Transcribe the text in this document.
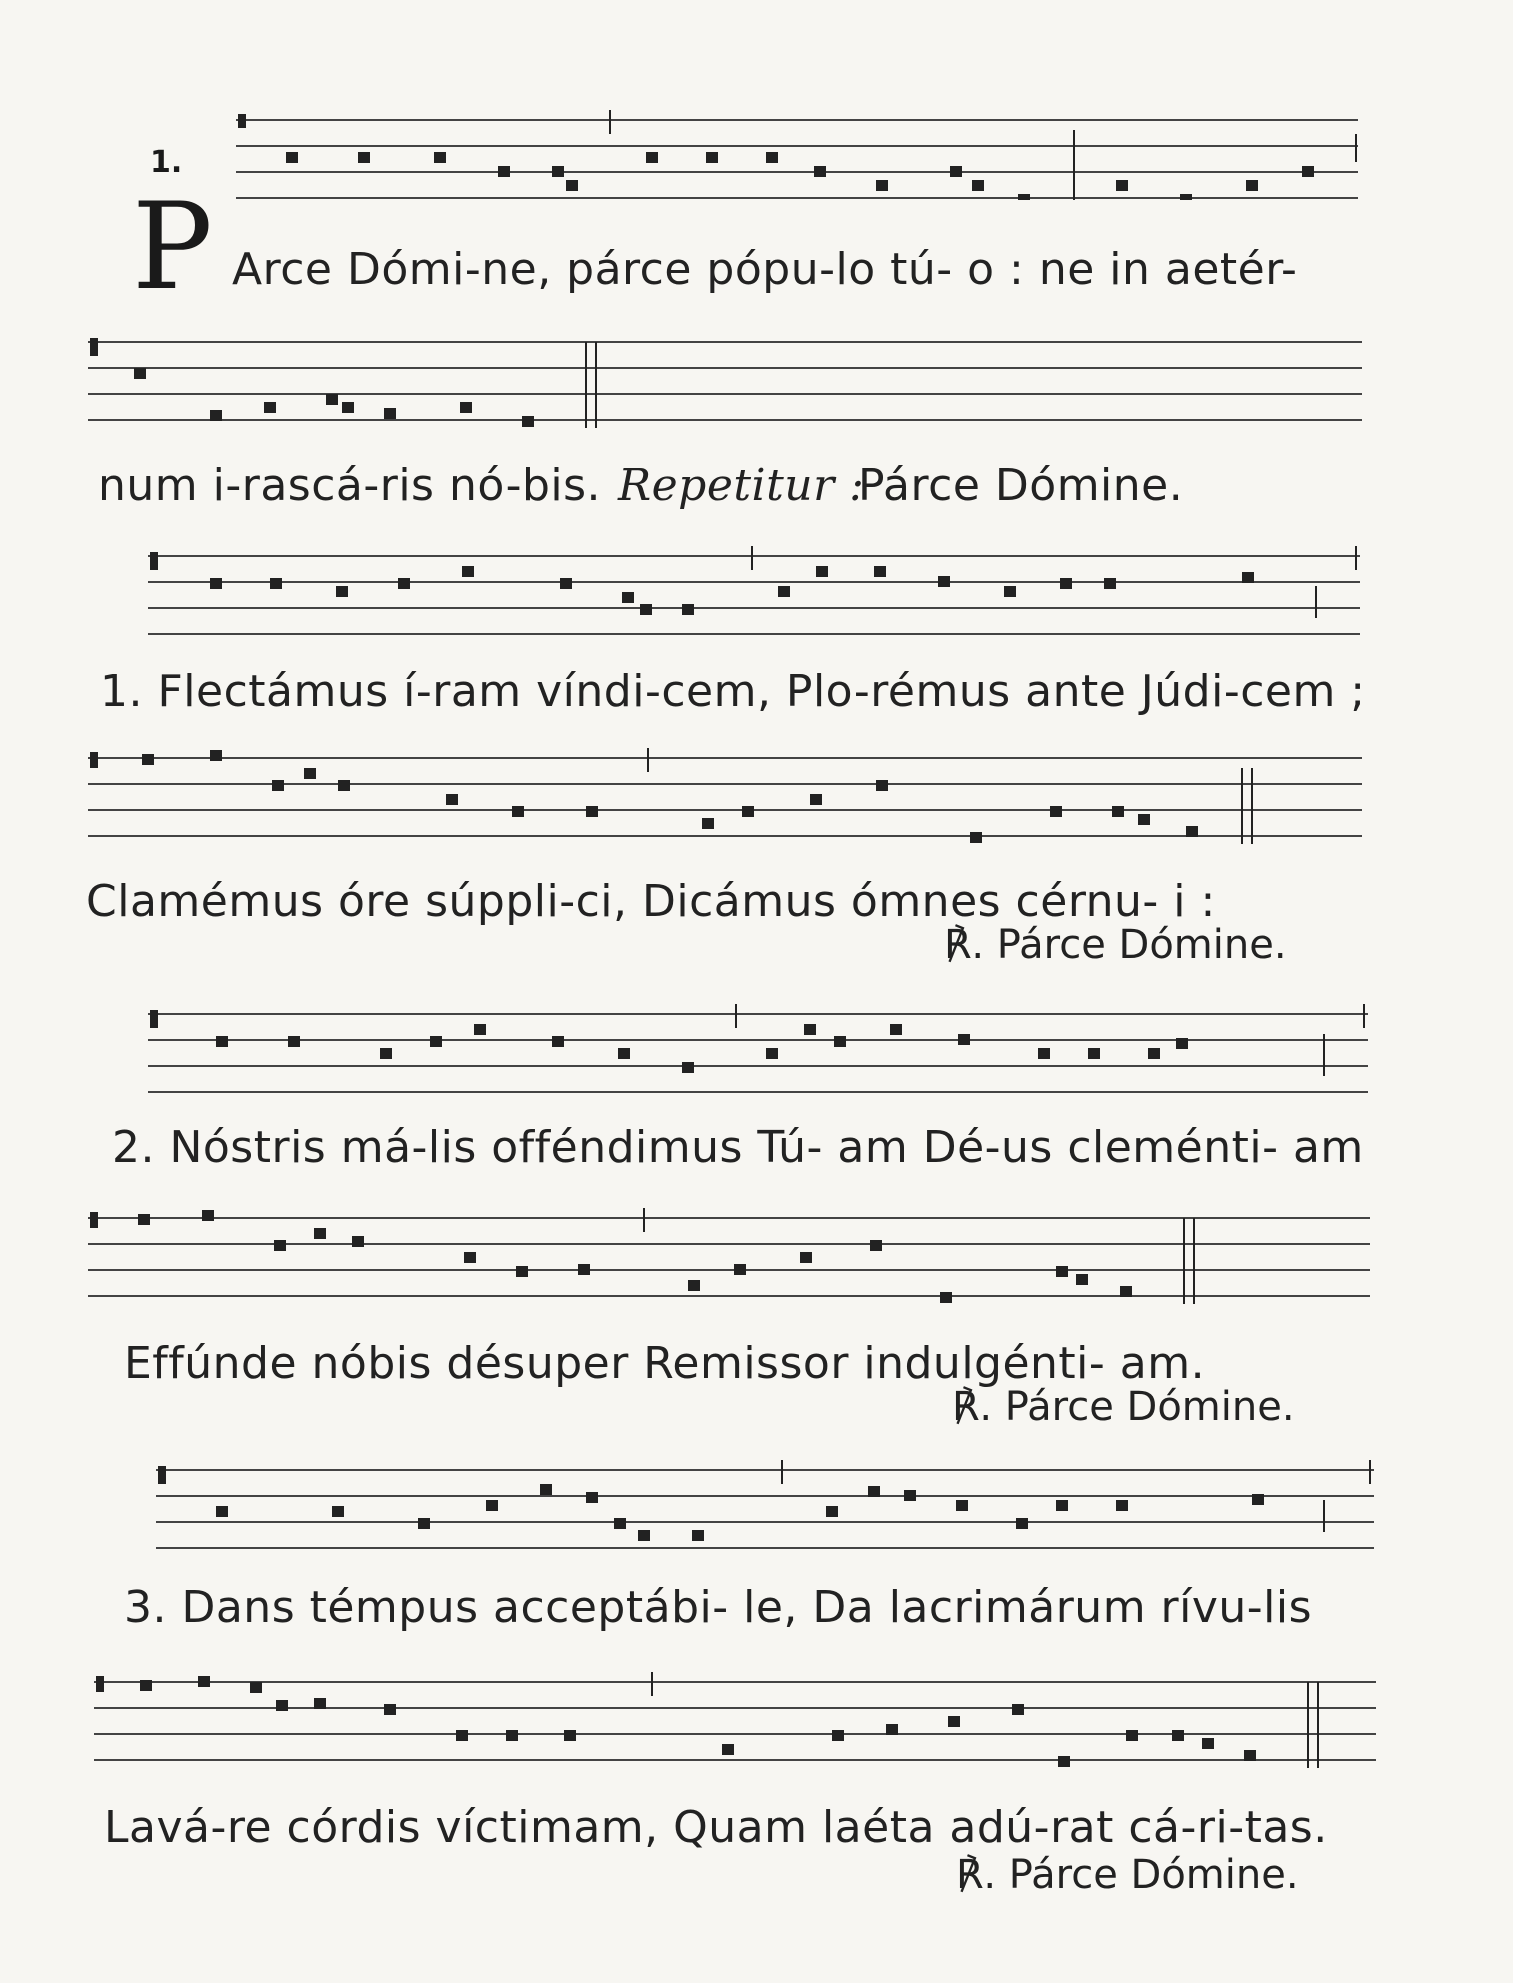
1.
P Arce Dómi-ne, párce pópu-lo tú- o : ne in aetér-
num i-rascá-ris nó-bis. Repetitur :
Párce Dómine.
1. Flectámus í-ram víndi-cem, Plo-rémus ante Júdi-cem ;
Clamémus óre súppli-ci, Dicámus ómnes cérnu- i :
℟. Párce Dómine.
2. Nóstris má-lis offéndimus Tú- am Dé-us cleménti- am
Effúnde nóbis désuper Remissor indulgénti- am.
℟. Párce Dómine.
3. Dans témpus acceptábi- le, Da lacrimárum rívu-lis
Lavá-re córdis víctimam, Quam laéta adú-rat cá-ri-tas.
℟. Párce Dómine.
